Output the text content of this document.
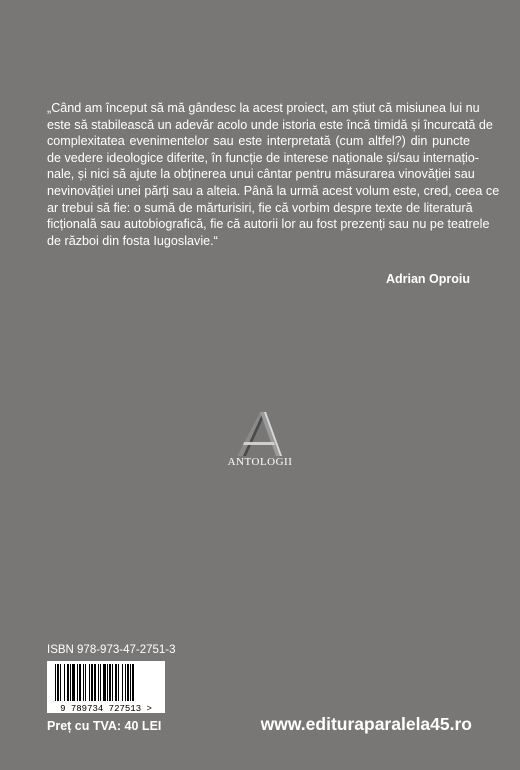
„Când am început să mă gândesc la acest proiect, am știut că misiunea lui nu
este să stabilească un adevăr acolo unde istoria este încă timidă și încurcată de
complexitatea evenimentelor sau este interpretată (cum altfel?) din puncte
de vedere ideologice diferite, în funcție de interese naționale și/sau internațio-
nale, și nici să ajute la obținerea unui cântar pentru măsurarea vinovăției sau
nevinovăției unei părți sau a alteia. Până la urmă acest volum este, cred, ceea ce
ar trebui să fie: o sumă de mărturisiri, fie că vorbim despre texte de literatură
ficțională sau autobiografică, fie că autorii lor au fost prezenți sau nu pe teatrele
de război din fosta Iugoslavie.“
Adrian Oproiu
ANTOLOGII
ISBN 978-973-47-2751-3
9 789734 727513 >
Preț cu TVA: 40 LEI	www.edituraparalela45.ro
